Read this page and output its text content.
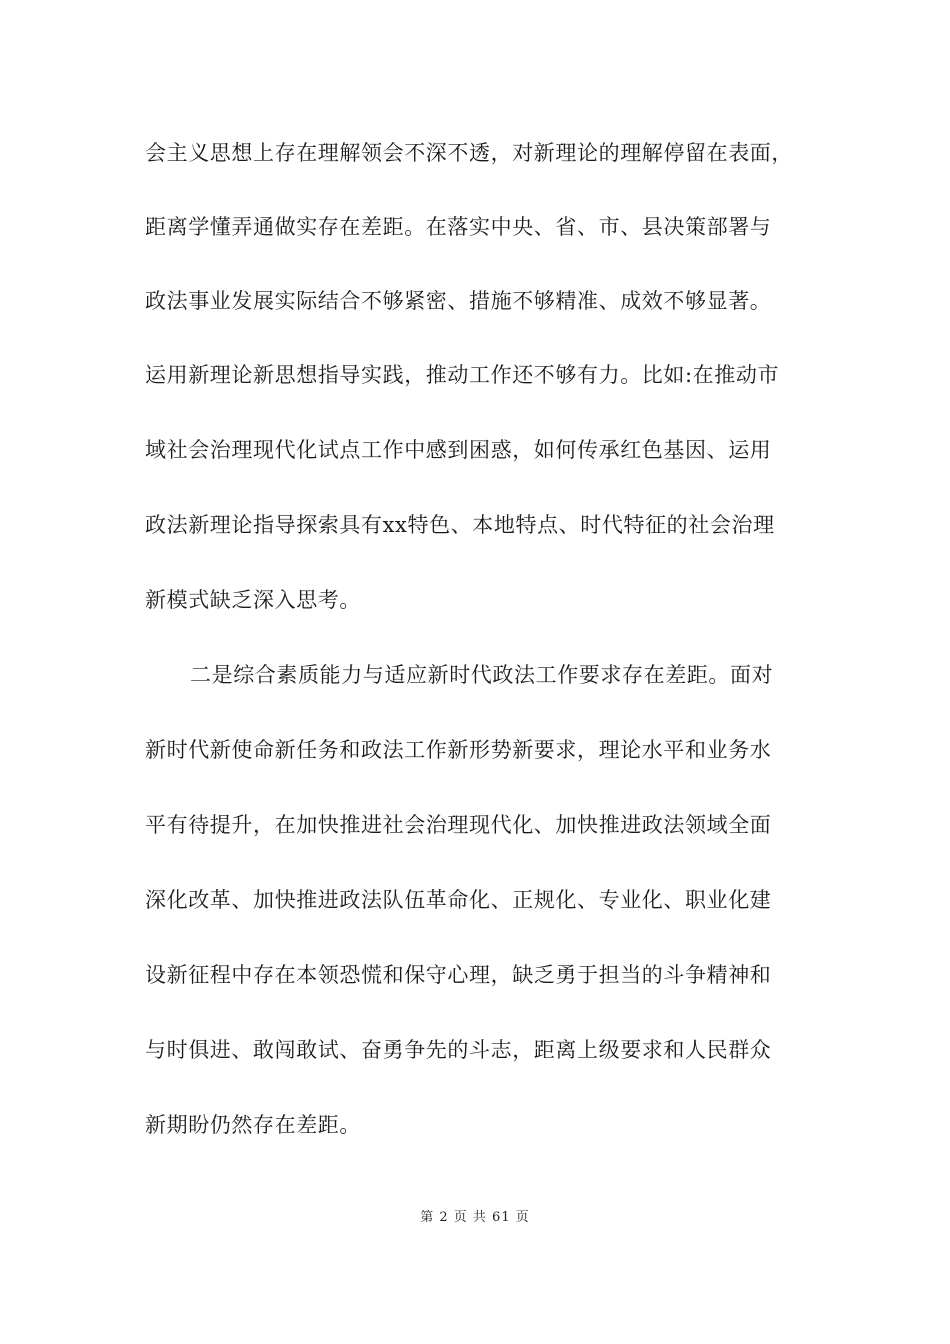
会主义思想上存在理解领会不深不透，对新理论的理解停留在表面，
距离学懂弄通做实存在差距。在落实中央、省、市、县决策部署与
政法事业发展实际结合不够紧密、措施不够精准、成效不够显著。
运用新理论新思想指导实践，推动工作还不够有力。比如:在推动市
域社会治理现代化试点工作中感到困惑，如何传承红色基因、运用
政法新理论指导探索具有xx特色、本地特点、时代特征的社会治理
新模式缺乏深入思考。
二是综合素质能力与适应新时代政法工作要求存在差距。面对
新时代新使命新任务和政法工作新形势新要求，理论水平和业务水
平有待提升，在加快推进社会治理现代化、加快推进政法领域全面
深化改革、加快推进政法队伍革命化、正规化、专业化、职业化建
设新征程中存在本领恐慌和保守心理，缺乏勇于担当的斗争精神和
与时俱进、敢闯敢试、奋勇争先的斗志，距离上级要求和人民群众
新期盼仍然存在差距。
第 2 页 共 61 页
